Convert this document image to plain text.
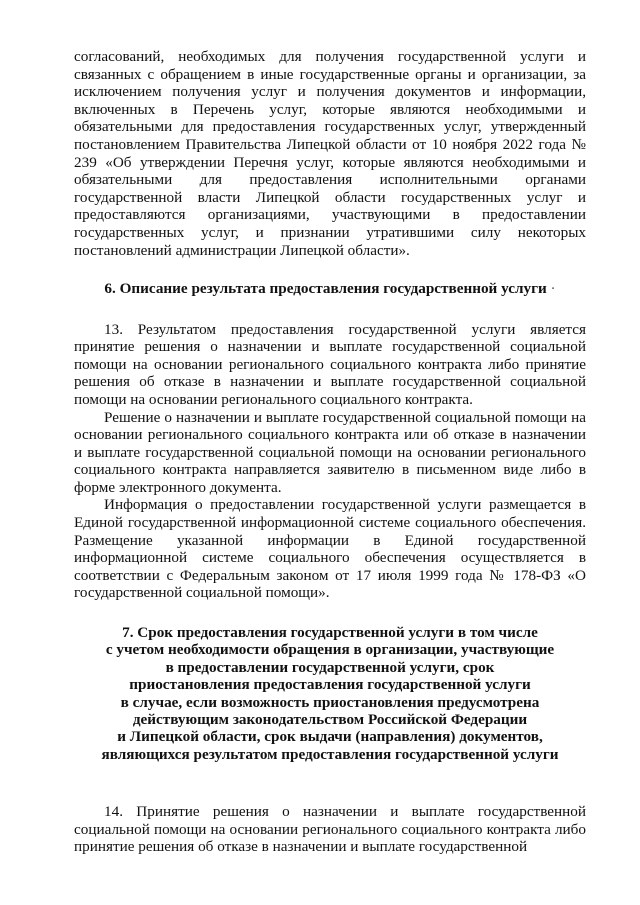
согласований, необходимых для получения государственной услуги и связанных с обращением в иные государственные органы и организации, за исключением получения услуг и получения документов и информации, включенных в Перечень услуг, которые являются необходимыми и обязательными для предоставления государственных услуг, утвержденный постановлением Правительства Липецкой области от 10 ноября 2022 года № 239 «Об утверждении Перечня услуг, которые являются необходимыми и обязательными для предоставления исполнительными органами государственной власти Липецкой области государственных услуг и предоставляются организациями, участвующими в предоставлении государственных услуг, и признании утратившими силу некоторых постановлений администрации Липецкой области».

6. Описание результата предоставления государственной услуги ·

13. Результатом предоставления государственной услуги является принятие решения о назначении и выплате государственной социальной помощи на основании регионального социального контракта либо принятие решения об отказе в назначении и выплате государственной социальной помощи на основании регионального социального контракта.

Решение о назначении и выплате государственной социальной помощи на основании регионального социального контракта или об отказе в назначении и выплате государственной социальной помощи на основании регионального социального контракта направляется заявителю в письменном виде либо в форме электронного документа.

Информация о предоставлении государственной услуги размещается в Единой государственной информационной системе социального обеспечения. Размещение указанной информации в Единой государственной информационной системе социального обеспечения осуществляется в соответствии с Федеральным законом от 17 июля 1999 года № 178-ФЗ «О государственной социальной помощи».

7. Срок предоставления государственной услуги в том числе
с учетом необходимости обращения в организации, участвующие
в предоставлении государственной услуги, срок
приостановления предоставления государственной услуги
в случае, если возможность приостановления предусмотрена
действующим законодательством Российской Федерации
и Липецкой области, срок выдачи (направления) документов,
являющихся результатом предоставления государственной услуги

14. Принятие решения о назначении и выплате государственной социальной помощи на основании регионального социального контракта либо принятие решения об отказе в назначении и выплате государственной
